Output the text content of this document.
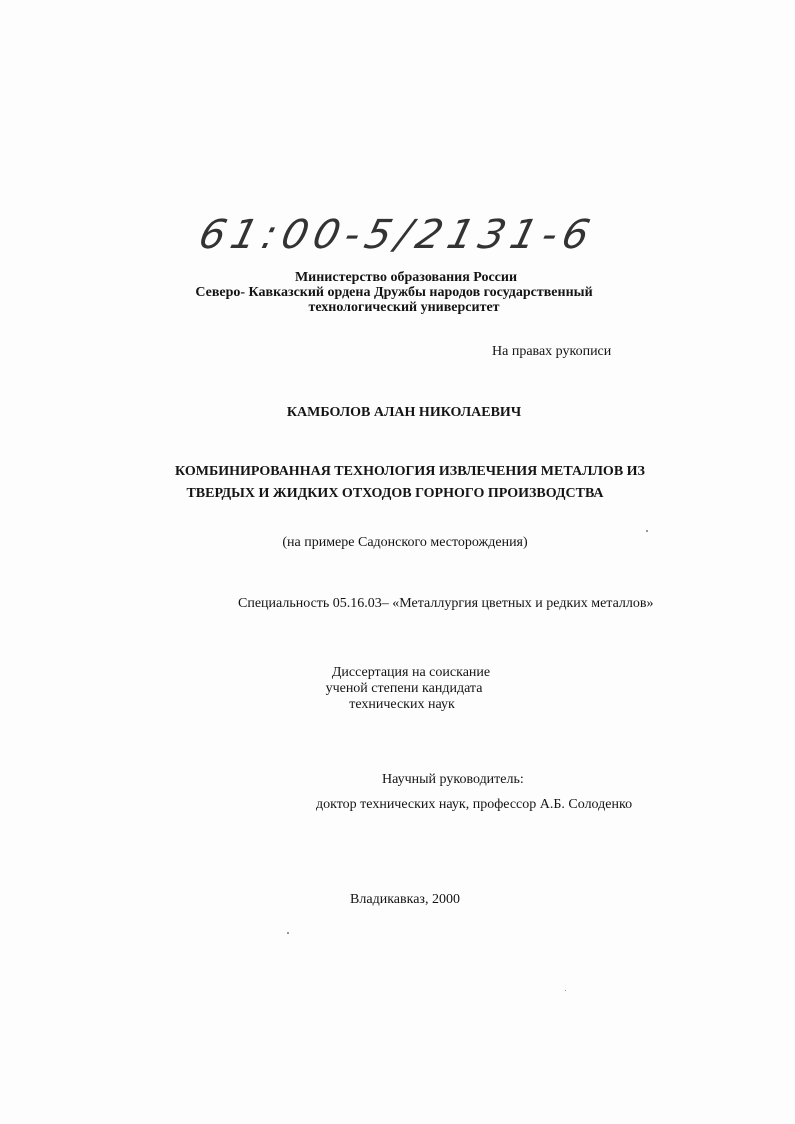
61:00-5/2131-6
Министерство образования России
Северо- Кавказский ордена Дружбы народов государственный
технологический университет
На правах рукописи
КАМБОЛОВ АЛАН НИКОЛАЕВИЧ
КОМБИНИРОВАННАЯ ТЕХНОЛОГИЯ ИЗВЛЕЧЕНИЯ МЕТАЛЛОВ ИЗ
ТВЕРДЫХ И ЖИДКИХ ОТХОДОВ ГОРНОГО ПРОИЗВОДСТВА
(на примере Садонского месторождения)
Специальность 05.16.03– «Металлургия цветных и редких металлов»
Диссертация на соискание
ученой степени кандидата
технических наук
Научный руководитель:
доктор технических наук, профессор А.Б. Солоденко
Владикавказ, 2000
